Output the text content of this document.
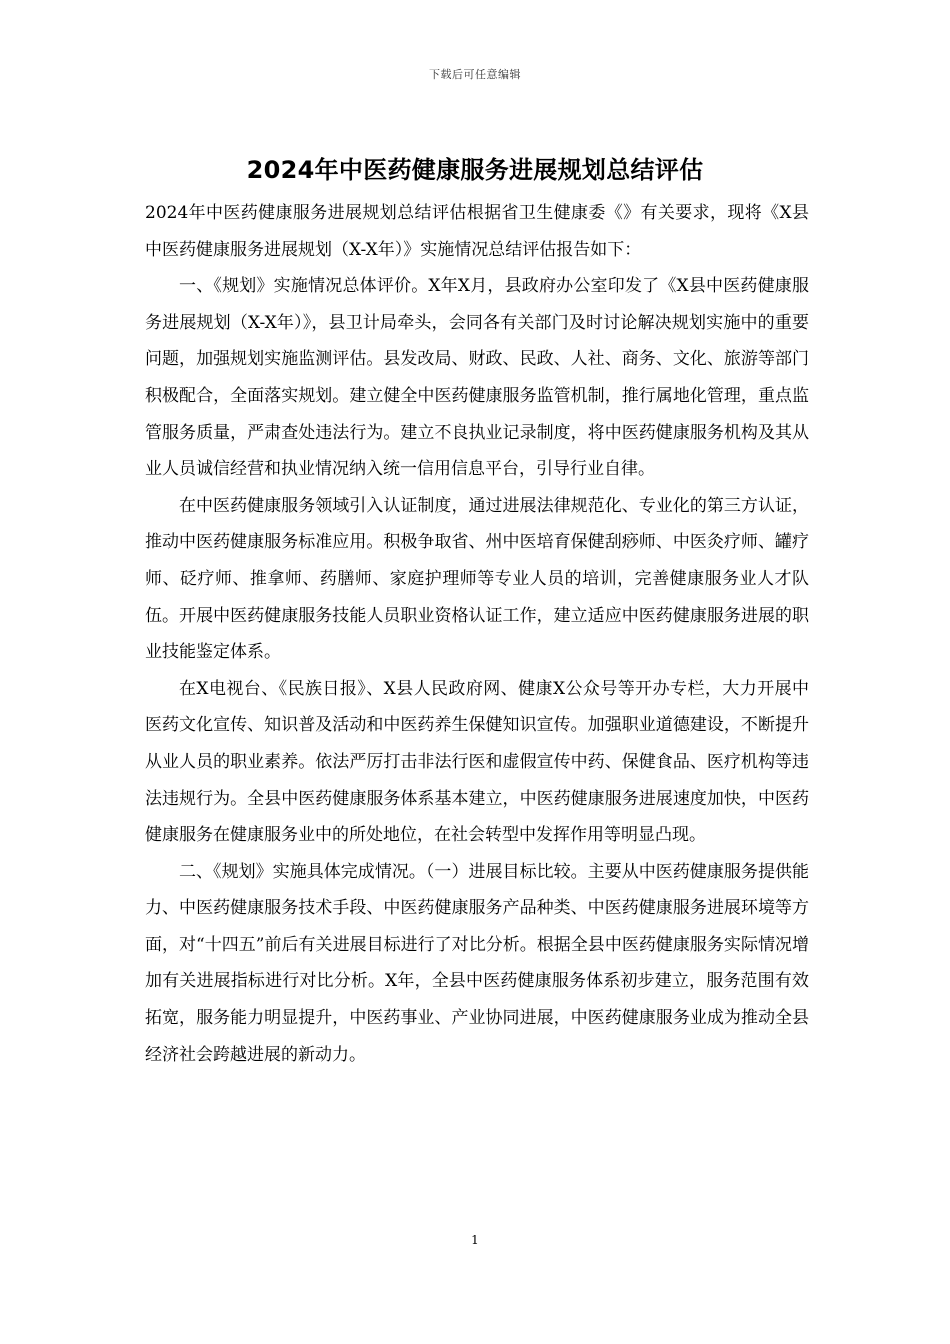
下载后可任意编辑
2024年中医药健康服务进展规划总结评估

2024年中医药健康服务进展规划总结评估根据省卫生健康委《》有关要求，现将《X县中医药健康服务进展规划（X-X年）》实施情况总结评估报告如下：

一、《规划》实施情况总体评价。X年X月，县政府办公室印发了《X县中医药健康服务进展规划（X-X年）》，县卫计局牵头，会同各有关部门及时讨论解决规划实施中的重要问题，加强规划实施监测评估。县发改局、财政、民政、人社、商务、文化、旅游等部门积极配合，全面落实规划。建立健全中医药健康服务监管机制，推行属地化管理，重点监管服务质量，严肃查处违法行为。建立不良执业记录制度，将中医药健康服务机构及其从业人员诚信经营和执业情况纳入统一信用信息平台，引导行业自律。

在中医药健康服务领域引入认证制度，通过进展法律规范化、专业化的第三方认证，推动中医药健康服务标准应用。积极争取省、州中医培育保健刮痧师、中医灸疗师、罐疗师、砭疗师、推拿师、药膳师、家庭护理师等专业人员的培训，完善健康服务业人才队伍。开展中医药健康服务技能人员职业资格认证工作，建立适应中医药健康服务进展的职业技能鉴定体系。

在X电视台、《民族日报》、X县人民政府网、健康X公众号等开办专栏，大力开展中医药文化宣传、知识普及活动和中医药养生保健知识宣传。加强职业道德建设，不断提升从业人员的职业素养。依法严厉打击非法行医和虚假宣传中药、保健食品、医疗机构等违法违规行为。全县中医药健康服务体系基本建立，中医药健康服务进展速度加快，中医药健康服务在健康服务业中的所处地位，在社会转型中发挥作用等明显凸现。

二、《规划》实施具体完成情况。（一）进展目标比较。主要从中医药健康服务提供能力、中医药健康服务技术手段、中医药健康服务产品种类、中医药健康服务进展环境等方面，对“十四五”前后有关进展目标进行了对比分析。根据全县中医药健康服务实际情况增加有关进展指标进行对比分析。X年，全县中医药健康服务体系初步建立，服务范围有效拓宽，服务能力明显提升，中医药事业、产业协同进展，中医药健康服务业成为推动全县经济社会跨越进展的新动力。

1
